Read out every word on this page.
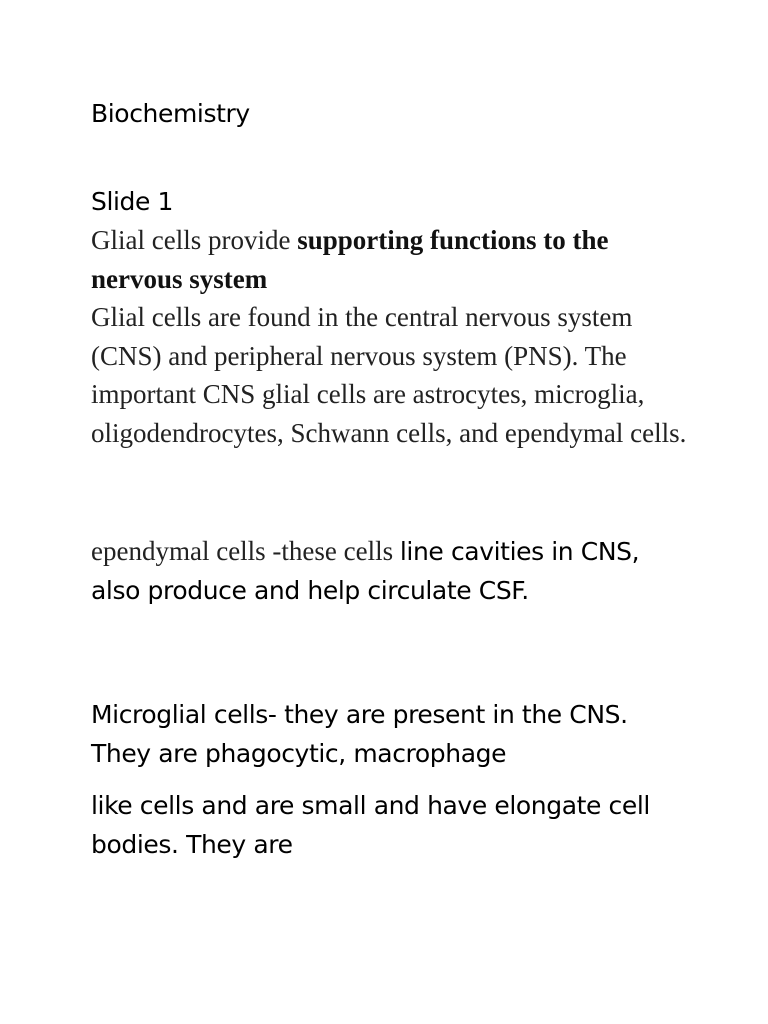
Biochemistry
Slide 1
Glial cells provide supporting functions to the nervous system
Glial cells are found in the central nervous system (CNS) and peripheral nervous system (PNS). The important CNS glial cells are astrocytes, microglia, oligodendrocytes, Schwann cells, and ependymal cells.
ependymal cells -these cells line cavities in CNS, also produce and help circulate CSF.
Microglial cells- they are present in the CNS. They are phagocytic, macrophage
like cells and are small and have elongate cell bodies. They are
